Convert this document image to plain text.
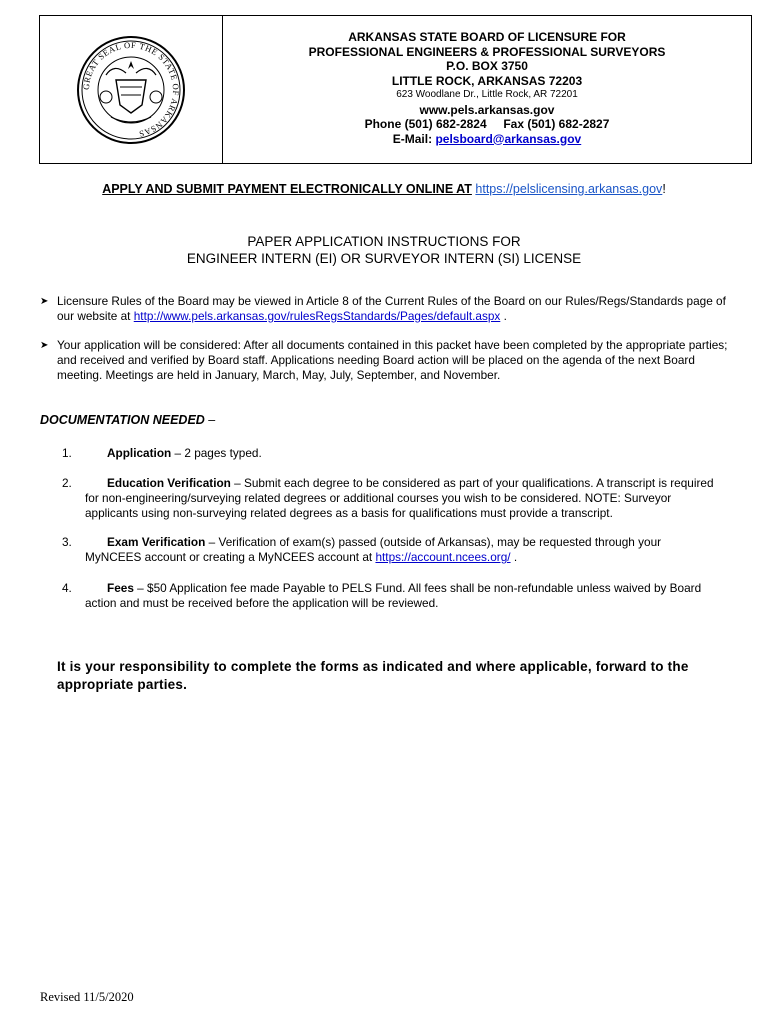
GREAT SEAL OF THE STATE OF ARKANSAS
ARKANSAS STATE BOARD OF LICENSURE FOR
PROFESSIONAL ENGINEERS & PROFESSIONAL SURVEYORS
P.O. BOX 3750
LITTLE ROCK, ARKANSAS 72203
623 Woodlane Dr., Little Rock, AR 72201
www.pels.arkansas.gov
Phone (501) 682-2824     Fax (501) 682-2827
E-Mail: pelsboard@arkansas.gov
APPLY AND SUBMIT PAYMENT ELECTRONICALLY ONLINE AT https://pelslicensing.arkansas.gov!
PAPER APPLICATION INSTRUCTIONS FOR
ENGINEER INTERN (EI) OR SURVEYOR INTERN (SI) LICENSE
➤ Licensure Rules of the Board may be viewed in Article 8 of the Current Rules of the Board on our Rules/Regs/Standards page of our website at http://www.pels.arkansas.gov/rulesRegsStandards/Pages/default.aspx .
➤ Your application will be considered: After all documents contained in this packet have been completed by the appropriate parties; and received and verified by Board staff. Applications needing Board action will be placed on the agenda of the next Board meeting. Meetings are held in January, March, May, July, September, and November.
DOCUMENTATION NEEDED –
1.	Application – 2 pages typed.
2.	Education Verification – Submit each degree to be considered as part of your qualifications. A transcript is required for non-engineering/surveying related degrees or additional courses you wish to be considered. NOTE: Surveyor applicants using non-surveying related degrees as a basis for qualifications must provide a transcript.
3.	Exam Verification – Verification of exam(s) passed (outside of Arkansas), may be requested through your MyNCEES account or creating a MyNCEES account at https://account.ncees.org/ .
4.	Fees – $50 Application fee made Payable to PELS Fund. All fees shall be non-refundable unless waived by Board action and must be received before the application will be reviewed.
It is your responsibility to complete the forms as indicated and where applicable, forward to the appropriate parties.
Revised 11/5/2020
